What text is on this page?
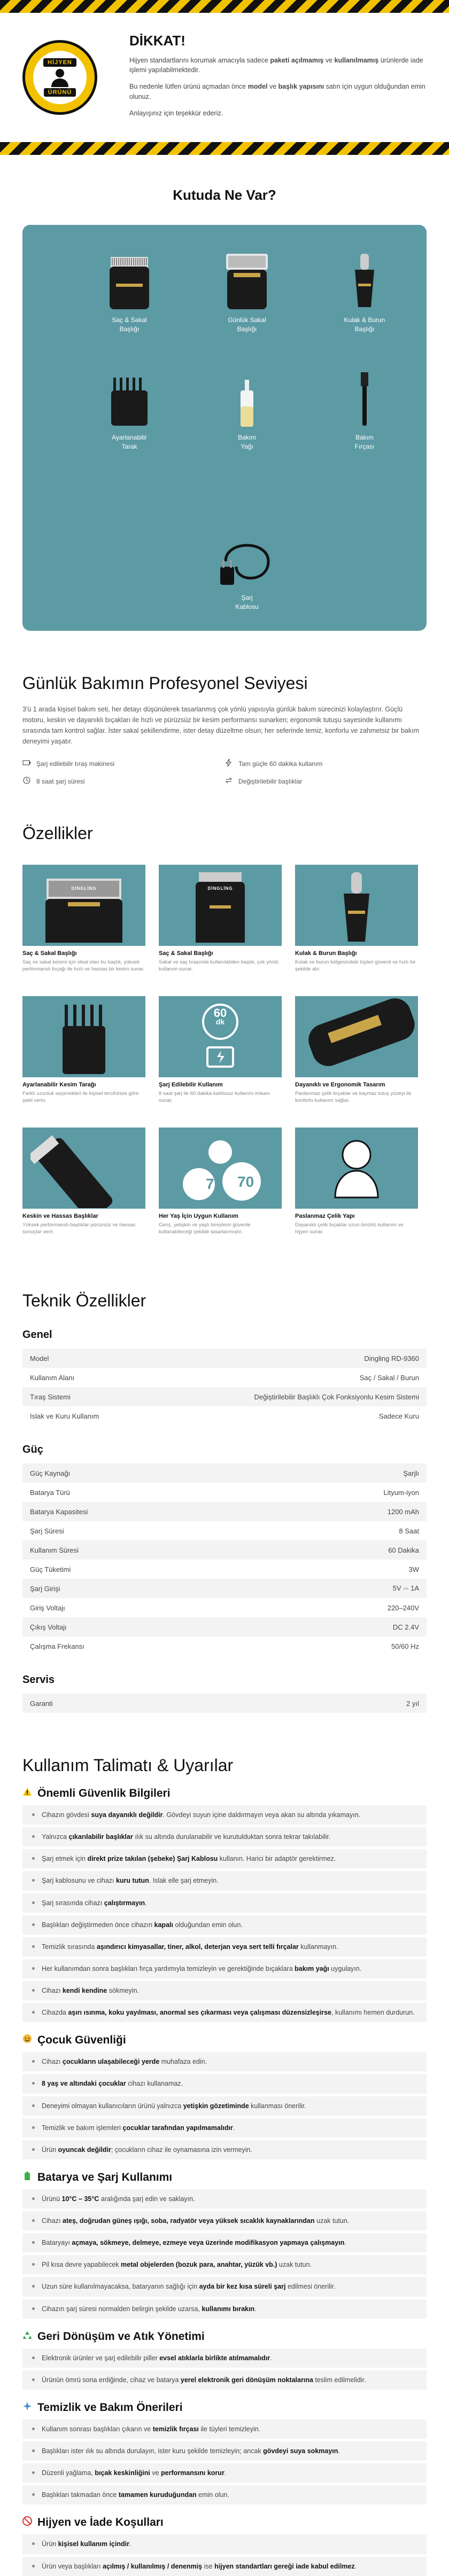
HİJYEN
ÜRÜNÜ
DİKKAT!

Hijyen standartlarını korumak amacıyla sadece paketi açılmamış ve kullanılmamış ürünlerde iade işlemi yapılabilmektedir.

Bu nedenle lütfen ürünü açmadan önce model ve başlık yapısını satın için uygun olduğundan emin olunuz.

Anlayışınız için teşekkür ederiz.

Kutuda Ne Var?
Saç & Sakal
Başlığı
Günlük Sakal
Başlığı
Kulak & Burun
Başlığı
Ayarlanabilir
Tarak
Bakım
Yağı
Bakım
Fırçası
Şarj
Kablosu
Günlük Bakımın Profesyonel Seviyesi

3'ü 1 arada kişisel bakım seti, her detayı düşünülerek tasarlanmış çok yönlü yapısıyla günlük bakım sürecinizi kolaylaştırır. Güçlü motoru, keskin ve dayanıklı bıçakları ile hızlı ve pürüzsüz bir kesim performansı sunarken; ergonomik tutuşu sayesinde kullanımı sırasında tam kontrol sağlar. İster sakal şekillendirme, ister detay düzeltme olsun; her seferinde temiz, konforlu ve zahmetsiz bir bakım deneyimi yaşatır.

Şarj edilebilir tıraş makinesi	Tam güçle 60 dakika kullanım
8 saat şarj süresi	Değiştirilebilir başlıklar
Özellikler
DİNGLİNG
Saç & Sakal Başlığı

Saç ve sakal kesimi için ideal olan bu başlık, yüksek performanslı bıçağı ile hızlı ve hassas bir kesim sunar.

DİNGLİNG
Saç & Sakal Başlığı

Sakal ve saç tıraşında kullanılabilen başlık, çok yönlü kullanım sunar.

Kulak & Burun Başlığı

Kulak ve burun bölgesindeki tüyleri güvenli ve hızlı bir şekilde alır.

Ayarlanabilir Kesim Tarağı

Farklı uzunluk seçenekleri ile kişisel tercihinize göre şekil verin.

60
dk
Şarj Edilebilir Kullanım

8 saat şarj ile 60 dakika kablosuz kullanım imkanı sunar.

Dayanıklı ve Ergonomik Tasarım

Paslanmaz çelik bıçaklar ve kaymaz tutuş yüzeyi ile konforlu kullanım sağlar.

Keskin ve Hassas Başlıklar

Yüksek performanslı başlıklar pürüzsüz ve hassas sonuçlar verir.

7 70
Her Yaş İçin Uygun Kullanım

Genç, yetişkin ve yaşlı bireylerin güvenle kullanabileceği şekilde tasarlanmıştır.

Paslanmaz Çelik Yapı

Dayanıklı çelik bıçaklar uzun ömürlü kullanım ve hijyen sunar.

Teknik Özellikler
Genel
Model	Dingling RD-9360
Kullanım Alanı	Saç / Sakal / Burun
Tıraş Sistemi	Değiştirilebilir Başlıklı Çok Fonksiyonlu Kesim Sistemi
Islak ve Kuru Kullanım	Sadece Kuru
Güç
Güç Kaynağı	Şarjlı
Batarya Türü	Lityum-iyon
Batarya Kapasitesi	1200 mAh
Şarj Süresi	8 Saat
Kullanım Süresi	60 Dakika
Güç Tüketimi	3W
Şarj Girişi	5V ⎓ 1A
Giriş Voltajı	220–240V
Çıkış Voltajı	DC 2.4V
Çalışma Frekansı	50/60 Hz
Servis
Garanti	2 yıl
Kullanım Talimatı & Uyarılar
Önemli Güvenlik Bilgileri
Cihazın gövdesi suya dayanıklı değildir. Gövdeyi suyun içine daldırmayın veya akan su altında yıkamayın.
Yalnızca çıkarılabilir başlıklar ılık su altında durulanabilir ve kurutulduktan sonra tekrar takılabilir.
Şarj etmek için direkt prize takılan (şebeke) Şarj Kablosu kullanın. Harici bir adaptör gerektirmez.
Şarj kablosunu ve cihazı kuru tutun. Islak elle şarj etmeyin.
Şarj sırasında cihazı çalıştırmayın.
Başlıkları değiştirmeden önce cihazın kapalı olduğundan emin olun.
Temizlik sırasında aşındırıcı kimyasallar, tiner, alkol, deterjan veya sert telli fırçalar kullanmayın.
Her kullanımdan sonra başlıkları fırça yardımıyla temizleyin ve gerektiğinde bıçaklara bakım yağı uygulayın.
Cihazı kendi kendine sökmeyin.
Cihazda aşırı ısınma, koku yayılması, anormal ses çıkarması veya çalışması düzensizleşirse, kullanımı hemen durdurun.
Çocuk Güvenliği
Cihazı çocukların ulaşabileceği yerde muhafaza edin.
8 yaş ve altındaki çocuklar cihazı kullanamaz.
Deneyimi olmayan kullanıcıların ürünü yalnızca yetişkin gözetiminde kullanması önerilir.
Temizlik ve bakım işlemleri çocuklar tarafından yapılmamalıdır.
Ürün oyuncak değildir; çocukların cihaz ile oynamasına izin vermeyin.
Batarya ve Şarj Kullanımı
Ürünü 10°C – 35°C aralığında şarj edin ve saklayın.
Cihazı ateş, doğrudan güneş ışığı, soba, radyatör veya yüksek sıcaklık kaynaklarından uzak tutun.
Bataryayı açmaya, sökmeye, delmeye, ezmeye veya üzerinde modifikasyon yapmaya çalışmayın.
Pil kısa devre yapabilecek metal objelerden (bozuk para, anahtar, yüzük vb.) uzak tutun.
Uzun süre kullanılmayacaksa, bataryanın sağlığı için ayda bir kez kısa süreli şarj edilmesi önerilir.
Cihazın şarj süresi normalden belirgin şekilde uzarsa, kullanımı bırakın.
Geri Dönüşüm ve Atık Yönetimi
Elektronik ürünler ve şarj edilebilir piller evsel atıklarla birlikte atılmamalıdır.
Ürünün ömrü sona erdiğinde, cihaz ve batarya yerel elektronik geri dönüşüm noktalarına teslim edilmelidir.
Temizlik ve Bakım Önerileri
Kullanım sonrası başlıkları çıkarın ve temizlik fırçası ile tüyleri temizleyin.
Başlıkları ister ılık su altında durulayın, ister kuru şekilde temizleyin; ancak gövdeyi suya sokmayın.
Düzenli yağlama, bıçak keskinliğini ve performansını korur.
Başlıkları takmadan önce tamamen kuruduğundan emin olun.
Hijyen ve İade Koşulları
Ürün kişisel kullanım içindir.
Ürün veya başlıkları açılmış / kullanılmış / denenmiş ise hijyen standartları gereği iade kabul edilmez.
